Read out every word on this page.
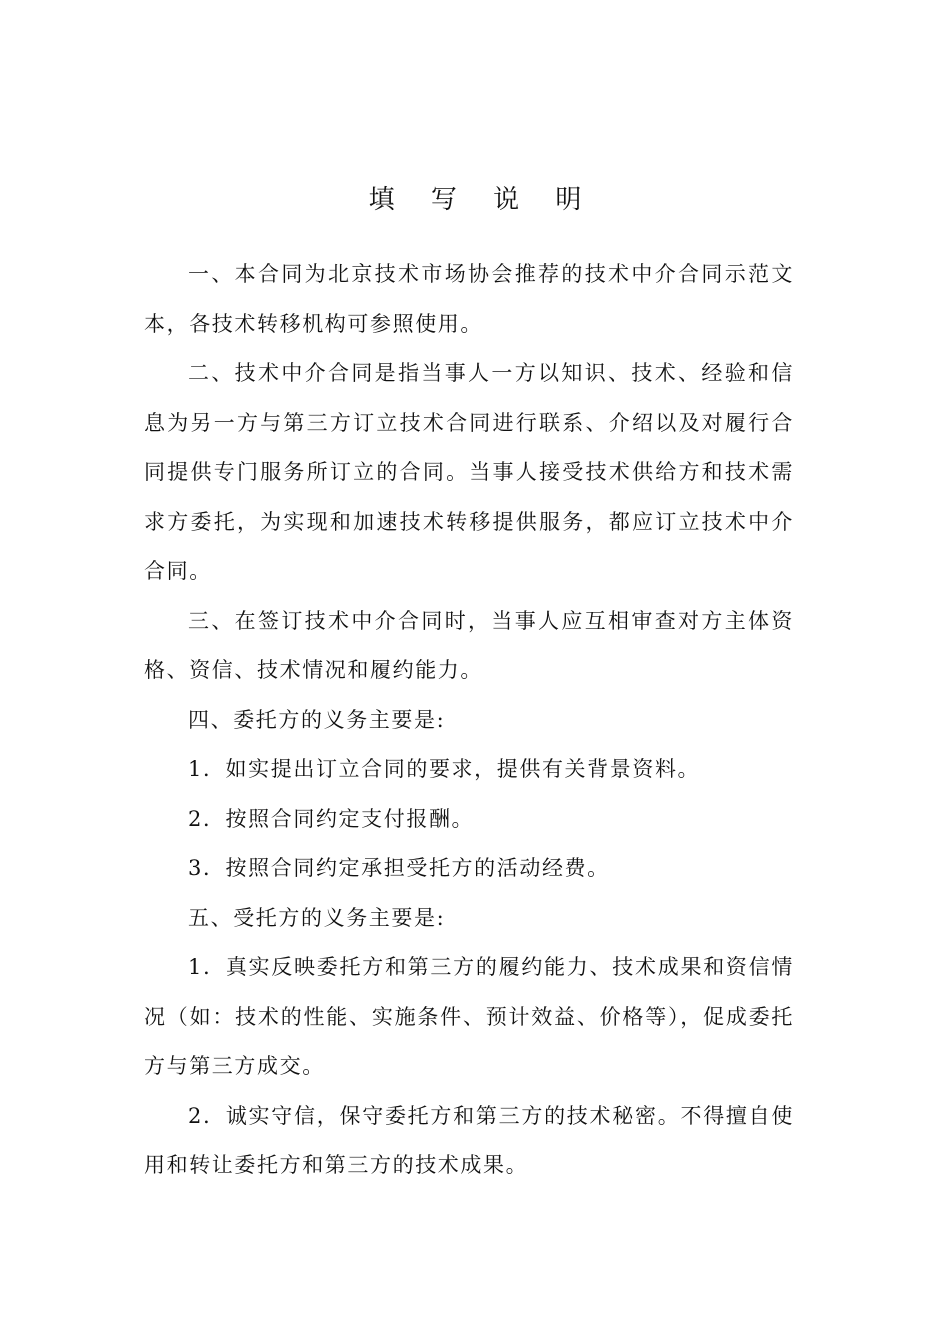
填 写 说 明

一、本合同为北京技术市场协会推荐的技术中介合同示范文本，各技术转移机构可参照使用。

二、技术中介合同是指当事人一方以知识、技术、经验和信息为另一方与第三方订立技术合同进行联系、介绍以及对履行合同提供专门服务所订立的合同。当事人接受技术供给方和技术需求方委托，为实现和加速技术转移提供服务，都应订立技术中介合同。

三、在签订技术中介合同时，当事人应互相审查对方主体资格、资信、技术情况和履约能力。

四、委托方的义务主要是:

1．如实提出订立合同的要求，提供有关背景资料。

2．按照合同约定支付报酬。

3．按照合同约定承担受托方的活动经费。

五、受托方的义务主要是:

1．真实反映委托方和第三方的履约能力、技术成果和资信情况（如：技术的性能、实施条件、预计效益、价格等），促成委托方与第三方成交。

2．诚实守信，保守委托方和第三方的技术秘密。不得擅自使用和转让委托方和第三方的技术成果。
